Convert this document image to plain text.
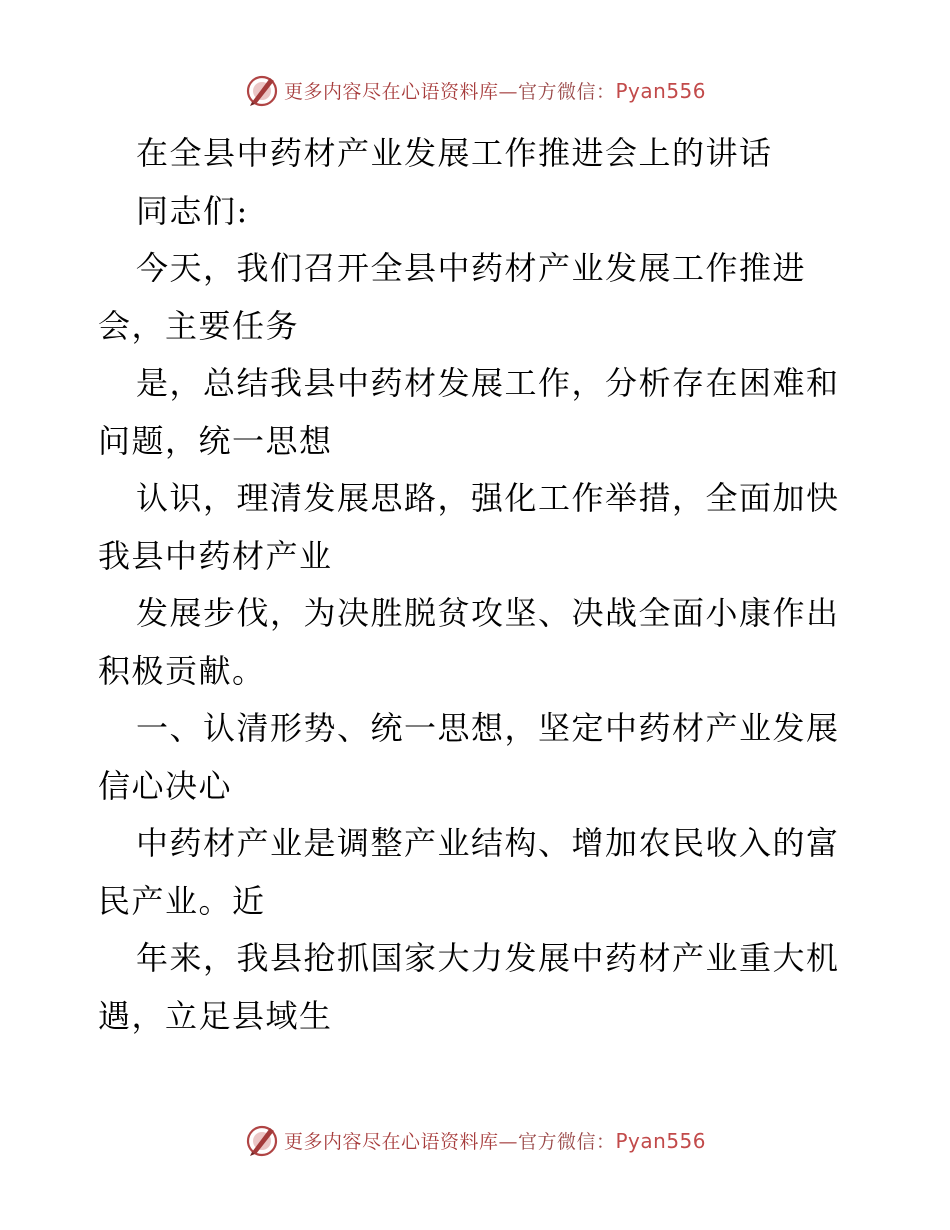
更多内容尽在心语资料库—官方微信：Pyan556
在全县中药材产业发展工作推进会上的讲话
同志们:
今天，我们召开全县中药材产业发展工作推进
会，主要任务
是，总结我县中药材发展工作，分析存在困难和
问题，统一思想
认识，理清发展思路，强化工作举措，全面加快
我县中药材产业
发展步伐，为决胜脱贫攻坚、决战全面小康作出
积极贡献。
一、认清形势、统一思想，坚定中药材产业发展
信心决心
中药材产业是调整产业结构、增加农民收入的富
民产业。近
年来，我县抢抓国家大力发展中药材产业重大机
遇，立足县域生
更多内容尽在心语资料库—官方微信：Pyan556
